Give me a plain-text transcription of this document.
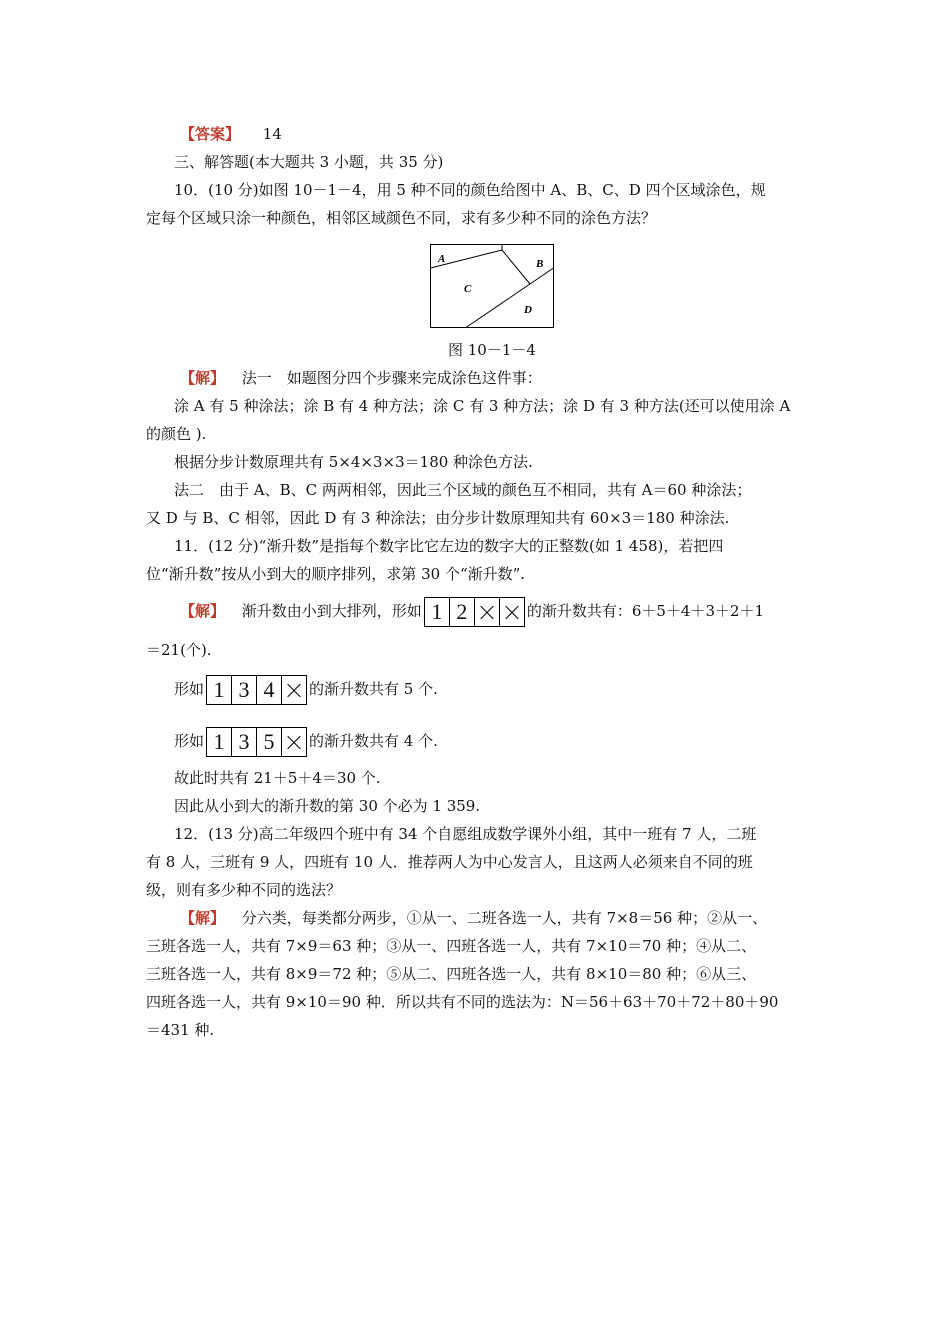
【答案】 14
三、解答题(本大题共 3 小题，共 35 分)
10．(10 分)如图 10－1－4，用 5 种不同的颜色给图中 A、B、C、D 四个区域涂色，规
定每个区域只涂一种颜色，相邻区域颜色不同，求有多少种不同的涂色方法？
A	B
C
D
图 10－1－4
【解】 法一　如题图分四个步骤来完成涂色这件事：
涂 A 有 5 种涂法；涂 B 有 4 种方法；涂 C 有 3 种方法；涂 D 有 3 种方法(还可以使用涂 A
的颜色 ).
根据分步计数原理共有 5×4×3×3＝180 种涂色方法.
法二　由于 A、B、C 两两相邻，因此三个区域的颜色互不相同，共有 A＝60 种涂法；
又 D 与 B、C 相邻，因此 D 有 3 种涂法；由分步计数原理知共有 60×3＝180 种涂法.
11．(12 分)“渐升数”是指每个数字比它左边的数字大的正整数(如 1 458)，若把四
位“渐升数”按从小到大的顺序排列，求第 30 个“渐升数”.
【解】 渐升数由小到大排列，形如 1 2	的渐升数共有：6＋5＋4＋3＋2＋1
＝21(个).
形如 1 3 4	的渐升数共有 5 个.
形如 1 3 5	的渐升数共有 4 个.
故此时共有 21＋5＋4＝30 个.
因此从小到大的渐升数的第 30 个必为 1 359.
12．(13 分)高二年级四个班中有 34 个自愿组成数学课外小组，其中一班有 7 人，二班
有 8 人，三班有 9 人，四班有 10 人．推荐两人为中心发言人，且这两人必须来自不同的班
级，则有多少种不同的选法？
【解】 分六类，每类都分两步，①从一、二班各选一人，共有 7×8＝56 种；②从一、
三班各选一人，共有 7×9＝63 种；③从一、四班各选一人，共有 7×10＝70 种；④从二、
三班各选一人，共有 8×9＝72 种；⑤从二、四班各选一人，共有 8×10＝80 种；⑥从三、
四班各选一人，共有 9×10＝90 种．所以共有不同的选法为：N＝56＋63＋70＋72＋80＋90
＝431 种.
